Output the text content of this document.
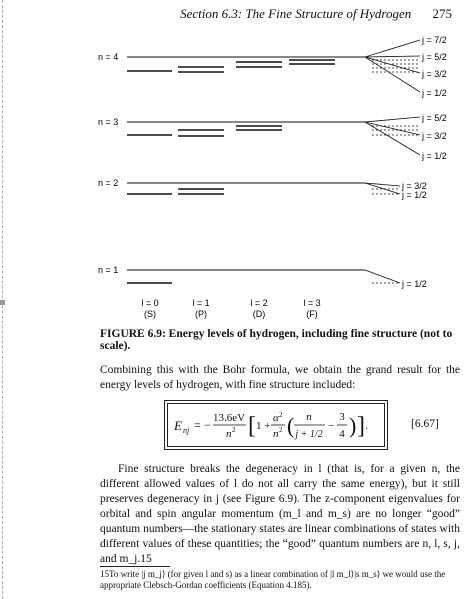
Section 6.3: The Fine Structure of Hydrogen 275
n = 4
j = 7/2
j = 5/2
j = 3/2
j = 1/2
n = 3	j = 5/2
j = 3/2
j = 1/2
n = 2	j = 3/2
j = 1/2
n = 1
j = 1/2
l = 0	l = 1	l = 2	l = 3
(S)	(P)	(D)	(F)
FIGURE 6.9: Energy levels of hydrogen, including fine structure (not to scale).
Combining this with the Bohr formula, we obtain the grand result for the energy levels of hydrogen, with fine structure included:
E nj = − 13.6eV
n 2 [ 1 +
α 2
n 2 ( n
j + 1/2
−
3
4 ) ] .	[6.67]
Fine structure breaks the degeneracy in l (that is, for a given n, the different allowed values of l do not all carry the same energy), but it still preserves degeneracy in j (see Figure 6.9). The z-component eigenvalues for orbital and spin angular momentum (m_l and m_s) are no longer “good” quantum numbers—the stationary states are linear combinations of states with different values of these quantities; the “good” quantum numbers are n, l, s, j, and m_j.15
15To write |j m_j⟩ (for given l and s) as a linear combination of |l m_l⟩|s m_s⟩ we would use the appropriate Clebsch-Gordan coefficients (Equation 4.185).
